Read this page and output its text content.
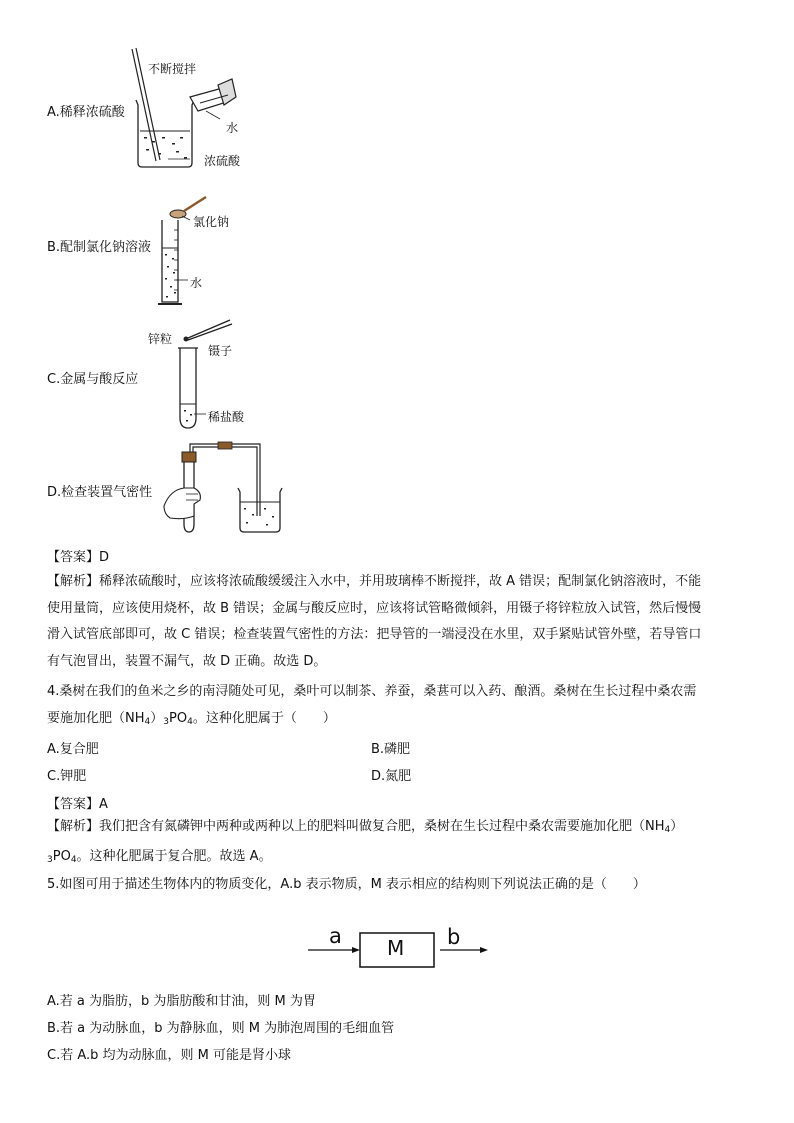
A.稀释浓硫酸
不断搅拌
水
浓硫酸
B.配制氯化钠溶液
氯化钠
水
C.金属与酸反应
锌粒
镊子
稀盐酸
D.检查装置气密性
【答案】D
【解析】稀释浓硫酸时，应该将浓硫酸缓缓注入水中，并用玻璃棒不断搅拌，故 A 错误；配制氯化钠溶液时，不能
使用量筒，应该使用烧杯，故 B 错误；金属与酸反应时，应该将试管略微倾斜，用镊子将锌粒放入试管，然后慢慢
滑入试管底部即可，故 C 错误；检查装置气密性的方法：把导管的一端浸没在水里，双手紧贴试管外壁，若导管口
有气泡冒出，装置不漏气，故 D 正确。故选 D。
4.桑树在我们的鱼米之乡的南浔随处可见，桑叶可以制茶、养蚕，桑葚可以入药、酿酒。桑树在生长过程中桑农需
要施加化肥$(NH_4)_3PO_4$。这种化肥属于（　　）
A.复合肥	B.磷肥
C.钾肥	D.氮肥
【答案】A
【解析】我们把含有氮磷钾中两种或两种以上的肥料叫做复合肥，桑树在生长过程中桑农需要施加化肥$(NH_4)$
$_3PO_4$。这种化肥属于复合肥。故选 A。
5.如图可用于描述生物体内的物质变化，A.b 表示物质，M 表示相应的结构则下列说法正确的是（　　）
a M b
A.若 a 为脂肪，b 为脂肪酸和甘油，则 M 为胃
B.若 a 为动脉血，b 为静脉血，则 M 为肺泡周围的毛细血管
C.若 A.b 均为动脉血，则 M 可能是肾小球
